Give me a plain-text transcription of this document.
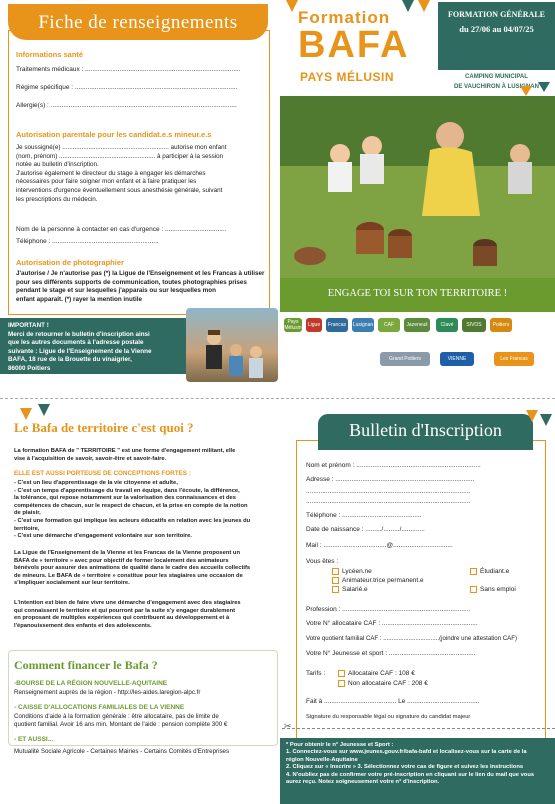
Fiche de renseignements
Informations santé
Traitements médicaux : ......................................................................................
Régime spécifique : ..........................................................................................
Allergie(s) : .......................................................................................................
Autorisation parentale pour les candidat.e.s mineur.e.s
Je soussigné(e) ............................................................. autorise mon enfant
(nom, prénom) ....................................................... à participer à la session
notée au bulletin d'inscription.
J'autorise également le directeur du stage à engager les démarches
nécessaires pour faire soigner mon enfant et à faire pratiquer les
interventions d'urgence éventuellement sous anesthésie générale, suivant
les prescriptions du médecin.
Nom de la personne à contacter en cas d'urgence : ..................................
Téléphone : ...........................................................
Autorisation de photographier
J'autorise / Je n'autorise pas (*) la Ligue de l'Enseignement et les Francas à utiliser
pour ses différents supports de communication, toutes photographies prises
pendant le stage et sur lesquelles j'apparais ou sur lesquelles mon
enfant apparaît. (*) rayer la mention inutile
IMPORTANT !
Merci de retourner le bulletin d'inscription ainsi
que les autres documents à l'adresse postale
suivante : Ligue de l'Enseignement de la Vienne
BAFA, 18 rue de la Brouette du vinaigrier,
86000 Poitiers
Formation
BAFA
PAYS MÉLUSIN
FORMATION GÉNÉRALE
du 27/06 au 04/07/25
CAMPING MUNICIPAL
DE VAUCHIRON À LUSIGNAN
ENGAGE TOI SUR TON TERRITOIRE !
Pays Mélusin	Ligue	Francas	Lusignan	CAF	Jazeneuil	Clavé	SIVOS	Poitiers
Grand Poitiers	VIENNE	Les Francas
Le Bafa de territoire c'est quoi ?
La formation BAFA de " TERRITOIRE " est une forme d'engagement militant, elle
vise à l'acquisition de savoir, savoir-être et savoir-faire.
ELLE EST AUSSI PORTEUSE DE CONCEPTIONS FORTES :
- C'est un lieu d'apprentissage de la vie citoyenne et adulte,
- C'est un temps d'apprentissage du travail en équipe, dans l'écoute, la différence,
la tolérance, qui repose notamment sur la valorisation des connaissances et des
compétences de chacun, sur le respect de chacun, et la prise en compte de la notion
de plaisir,
- C'est une formation qui implique les acteurs éducatifs en relation avec les jeunes du
territoire,
- C'est une démarche d'engagement volontaire sur son territoire.
La Ligue de l'Enseignement de la Vienne et les Francas de la Vienne proposent un
BAFA de « territoire » avec pour objectif de former localement des animateurs
bénévols pour assurer des animations de qualité dans le cadre des accueils collectifs
de mineurs. Le BAFA de « territoire » constitue pour les stagiaires une occasion de
s'impliquer socialement sur leur territoire.
L'intention est bien de faire vivre une démarche d'engagement avec des stagiaires
qui connaissent le territoire et qui pourront par la suite s'y engager durablement
en proposant de multiples expériences qui contribuent au développement et à
l'épanouissement des enfants et des adolescents.
Comment financer le Bafa ?
-BOURSE DE LA RÉGION NOUVELLE-AQUITAINE
Renseignement auprès de la région - http://les-aides.laregion-alpc.fr
- CAISSE D'ALLOCATIONS FAMILIALES DE LA VIENNE
Conditions d'aide à la formation générale : être allocataire, pas de limite de
quotient familial. Avoir 16 ans min. Montant de l'aide : pension complète 300 €
- ET AUSSI...
Mutualité Sociale Agricole - Certaines Mairies - Certains Comités d'Entreprises
Bulletin d'Inscription
Nom et prénom : .....................................................................
Adresse : .............................................................................
...........................................................................................
...........................................................................................
Téléphone : ............................................
Date de naissance : ........./........./.............
Mail : ...................................@.................................
Vous êtes :
Lycéen.ne
Animateur.trice permanent.e
Salarié.e
Étudiant.e
Sans emploi
Profession : .......................................................................
Votre N° allocataire CAF : .....................................................
Votre quotient familial CAF : .................................(joindre une attestation CAF)
Votre N° Jeunesse et sport : ................................................
Tarifs :	Allocataire CAF : 108 €
Non allocataire CAF : 208 €
Fait à ........................................ Le ........................................
Signature du responsable légal ou signature du candidat majeur
✂
* Pour obtenir le n° Jeunesse et Sport :
1. Connectez-vous sur www.jeunes.gouv.fr/bafa-bafd et localisez-vous sur la carte de la
région Nouvelle-Aquitaine
2. Cliquez sur « Inscrire » 3. Sélectionnez votre cas de figure et suivez les instructions
4. N'oubliez pas de confirmer votre pré-inscription en cliquant sur le lien du mail que vous
aurez reçu. Notez soigneusement votre n° d'inscription.
